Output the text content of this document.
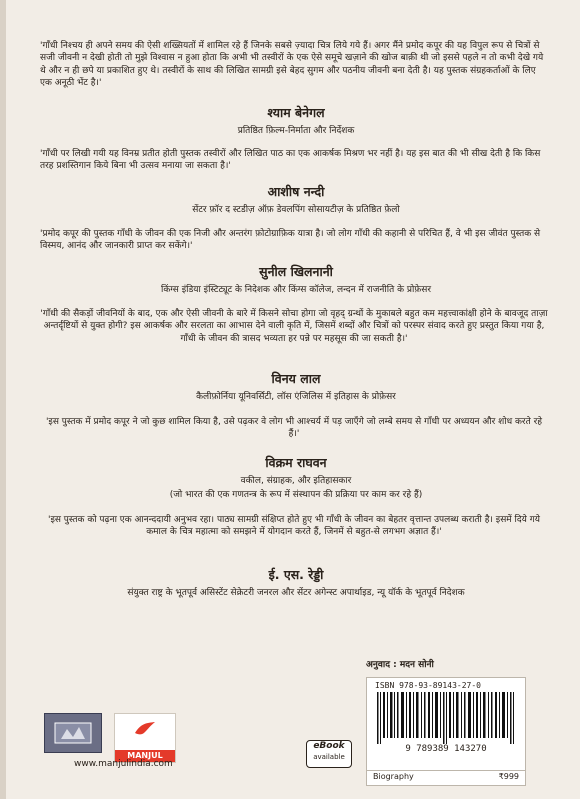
'गाँधी निश्चय ही अपने समय की ऐसी शख्सियतों में शामिल रहे हैं जिनके सबसे ज़्यादा चित्र लिये गये हैं। अगर मैंने प्रमोद कपूर की यह विपुल रूप से चित्रों से सजी जीवनी न देखी होती तो मुझे विश्वास न हुआ होता कि अभी भी तस्वीरों के एक ऐसे समूचे खज़ाने की खोज बाक़ी थी जो इससे पहले न तो कभी देखे गये थे और न ही छपे या प्रकाशित हुए थे। तस्वीरों के साथ की लिखित सामग्री इसे बेहद सुगम और पठनीय जीवनी बना देती है। यह पुस्तक संग्रहकर्ताओं के लिए एक अनूठी भेंट है।'
श्याम बेनेगल
प्रतिष्ठित फ़िल्म-निर्माता और निर्देशक
'गाँधी पर लिखी गयी यह विनम्र प्रतीत होती पुस्तक तस्वीरों और लिखित पाठ का एक आकर्षक मिश्रण भर नहीं है। यह इस बात की भी सीख देती है कि किस तरह प्रशस्तिगान किये बिना भी उत्सव मनाया जा सकता है।'
आशीष नन्दी
सेंटर फ़ॉर द स्टडीज़ ऑफ़ डेवलपिंग सोसायटीज़ के प्रतिष्ठित फ़ेलो
'प्रमोद कपूर की पुस्तक गाँधी के जीवन की एक निजी और अन्तरंग फ़ोटोग्राफ़िक यात्रा है। जो लोग गाँधी की कहानी से परिचित हैं, वे भी इस जीवंत पुस्तक से विस्मय, आनंद और जानकारी प्राप्त कर सकेंगे।'
सुनील खिलनानी
किंग्स इंडिया इंस्टिट्यूट के निदेशक और किंग्स कॉलेज, लन्दन में राजनीति के प्रोफ़ेसर
'गाँधी की सैकड़ों जीवनियों के बाद, एक और ऐसी जीवनी के बारे में किसने सोचा होगा जो वृहद् ग्रन्थों के मुकाबले बहुत कम महत्त्वाकांक्षी होने के बावजूद ताज़ा अन्तर्दृष्टियों से युक्त होगी? इस आकर्षक और सरलता का आभास देने वाली कृति में, जिसमें शब्दों और चित्रों को परस्पर संवाद करते हुए प्रस्तुत किया गया है, गाँधी के जीवन की त्रासद भव्यता हर पन्ने पर महसूस की जा सकती है।'
विनय लाल
कैलीफ़ोर्निया यूनिवर्सिटी, लॉस एंजिलिस में इतिहास के प्रोफ़ेसर
'इस पुस्तक में प्रमोद कपूर ने जो कुछ शामिल किया है, उसे पढ़कर वे लोग भी आश्चर्य में पड़ जाएँगे जो लम्बे समय से गाँधी पर अध्ययन और शोध करते रहे हैं।'
विक्रम राघवन
वकील, संग्राहक, और इतिहासकार
(जो भारत की एक गणतन्त्र के रूप में संस्थापन की प्रक्रिया पर काम कर रहे हैं)
'इस पुस्तक को पढ़ना एक आनन्ददायी अनुभव रहा। पाठ्य सामग्री संक्षिप्त होते हुए भी गाँधी के जीवन का बेहतर वृत्तान्त उपलब्ध कराती है। इसमें दिये गये कमाल के चित्र महात्मा को समझने में योगदान करते हैं, जिनमें से बहुत-से लगभग अज्ञात हैं।'
ई. एस. रेड्डी
संयुक्त राष्ट्र के भूतपूर्व असिस्टेंट सेक्रेटरी जनरल और सेंटर अगेन्स्ट अपार्थाइड, न्यू यॉर्क के भूतपूर्व निदेशक
अनुवाद : मदन सोनी
MANJUL
www.manjulindia.com
eBook
available
ISBN 978-93-89143-27-0
9 789389 143270
Biography	₹999
